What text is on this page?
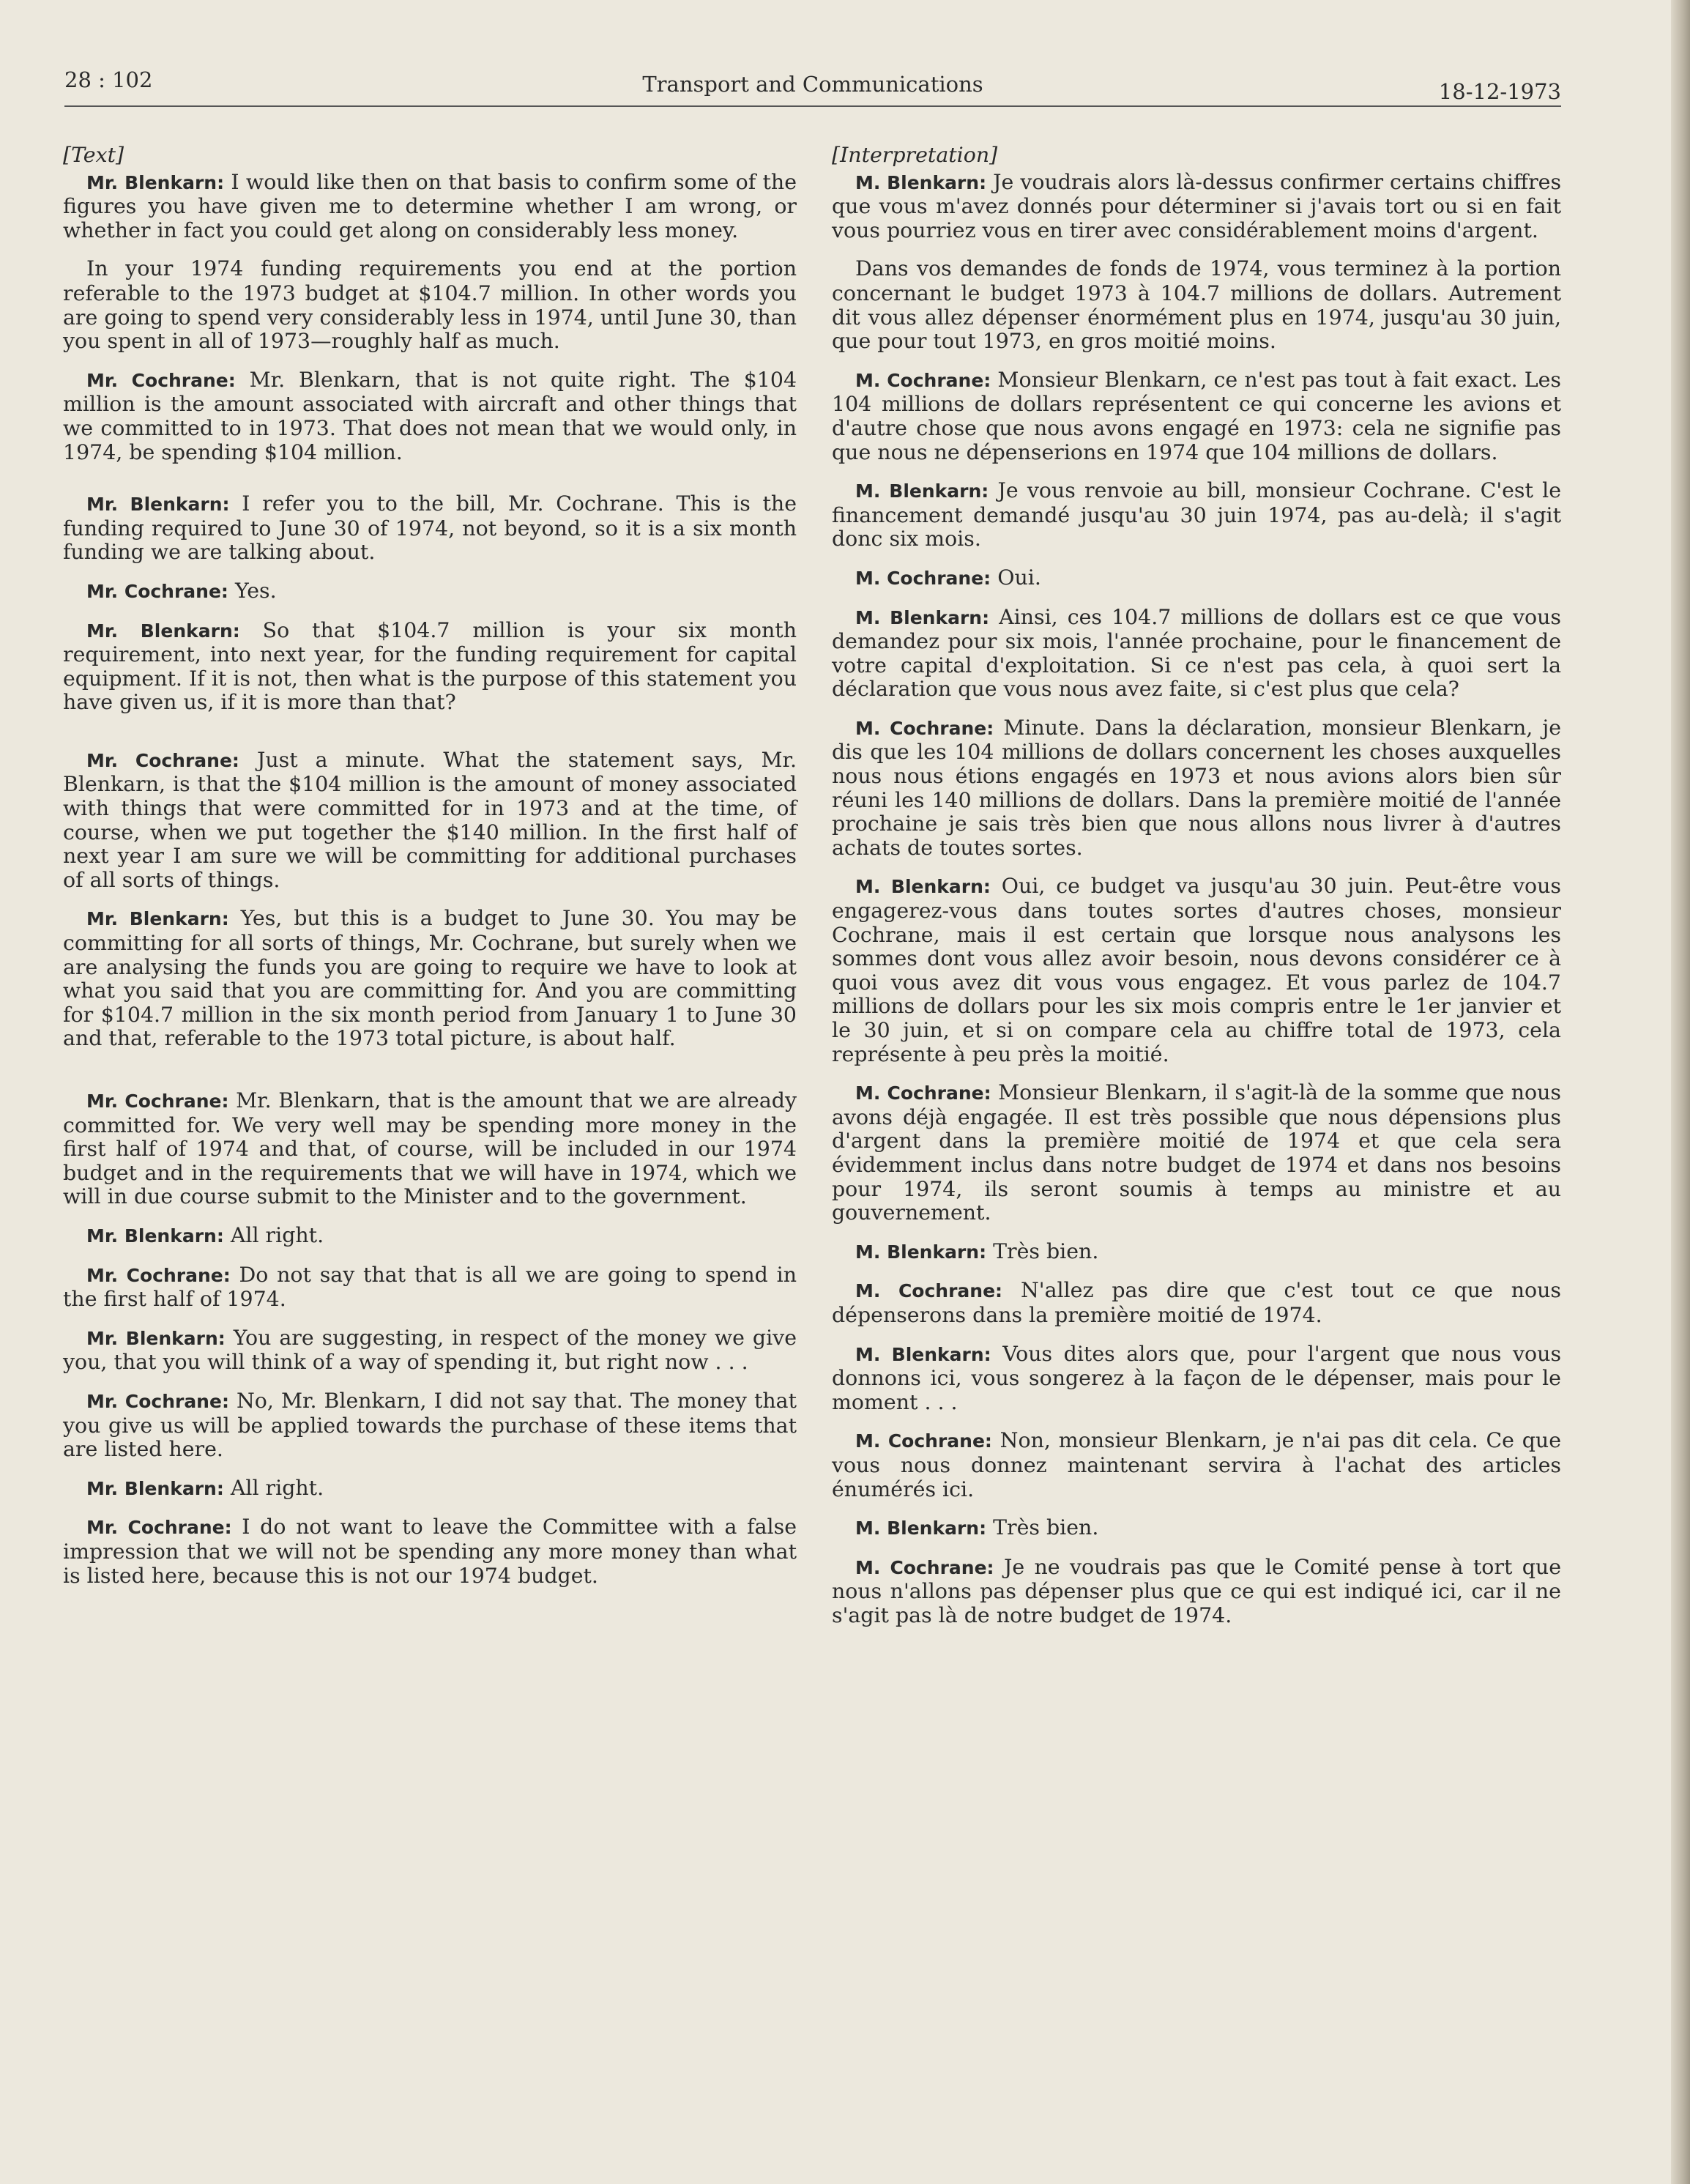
28 : 102	Transport and Communications	18-12-1973
[Text]

Mr. Blenkarn: I would like then on that basis to confirm some of the figures you have given me to determine whether I am wrong, or whether in fact you could get along on considerably less money.

In your 1974 funding requirements you end at the portion referable to the 1973 budget at $104.7 million. In other words you are going to spend very considerably less in 1974, until June 30, than you spent in all of 1973—roughly half as much.

Mr. Cochrane: Mr. Blenkarn, that is not quite right. The $104 million is the amount associated with aircraft and other things that we committed to in 1973. That does not mean that we would only, in 1974, be spending $104 million.

Mr. Blenkarn: I refer you to the bill, Mr. Cochrane. This is the funding required to June 30 of 1974, not beyond, so it is a six month funding we are talking about.

Mr. Cochrane: Yes.

Mr. Blenkarn: So that $104.7 million is your six month requirement, into next year, for the funding requirement for capital equipment. If it is not, then what is the purpose of this statement you have given us, if it is more than that?

Mr. Cochrane: Just a minute. What the statement says, Mr. Blenkarn, is that the $104 million is the amount of money associated with things that were committed for in 1973 and at the time, of course, when we put together the $140 million. In the first half of next year I am sure we will be committing for additional purchases of all sorts of things.

Mr. Blenkarn: Yes, but this is a budget to June 30. You may be committing for all sorts of things, Mr. Cochrane, but surely when we are analysing the funds you are going to require we have to look at what you said that you are committing for. And you are committing for $104.7 million in the six month period from January 1 to June 30 and that, referable to the 1973 total picture, is about half.

Mr. Cochrane: Mr. Blenkarn, that is the amount that we are already committed for. We very well may be spending more money in the first half of 1974 and that, of course, will be included in our 1974 budget and in the requirements that we will have in 1974, which we will in due course submit to the Minister and to the government.

Mr. Blenkarn: All right.

Mr. Cochrane: Do not say that that is all we are going to spend in the first half of 1974.

Mr. Blenkarn: You are suggesting, in respect of the money we give you, that you will think of a way of spending it, but right now . . .

Mr. Cochrane: No, Mr. Blenkarn, I did not say that. The money that you give us will be applied towards the purchase of these items that are listed here.

Mr. Blenkarn: All right.

Mr. Cochrane: I do not want to leave the Committee with a false impression that we will not be spending any more money than what is listed here, because this is not our 1974 budget.

[Interpretation]

M. Blenkarn: Je voudrais alors là-dessus confirmer certains chiffres que vous m'avez donnés pour déterminer si j'avais tort ou si en fait vous pourriez vous en tirer avec considérablement moins d'argent.

Dans vos demandes de fonds de 1974, vous terminez à la portion concernant le budget 1973 à 104.7 millions de dollars. Autrement dit vous allez dépenser énormément plus en 1974, jusqu'au 30 juin, que pour tout 1973, en gros moitié moins.

M. Cochrane: Monsieur Blenkarn, ce n'est pas tout à fait exact. Les 104 millions de dollars représentent ce qui concerne les avions et d'autre chose que nous avons engagé en 1973: cela ne signifie pas que nous ne dépenserions en 1974 que 104 millions de dollars.

M. Blenkarn: Je vous renvoie au bill, monsieur Cochrane. C'est le financement demandé jusqu'au 30 juin 1974, pas au-delà; il s'agit donc six mois.

M. Cochrane: Oui.

M. Blenkarn: Ainsi, ces 104.7 millions de dollars est ce que vous demandez pour six mois, l'année prochaine, pour le financement de votre capital d'exploitation. Si ce n'est pas cela, à quoi sert la déclaration que vous nous avez faite, si c'est plus que cela?

M. Cochrane: Minute. Dans la déclaration, monsieur Blenkarn, je dis que les 104 millions de dollars concernent les choses auxquelles nous nous étions engagés en 1973 et nous avions alors bien sûr réuni les 140 millions de dollars. Dans la première moitié de l'année prochaine je sais très bien que nous allons nous livrer à d'autres achats de toutes sortes.

M. Blenkarn: Oui, ce budget va jusqu'au 30 juin. Peut-être vous engagerez-vous dans toutes sortes d'autres choses, monsieur Cochrane, mais il est certain que lorsque nous analysons les sommes dont vous allez avoir besoin, nous devons considérer ce à quoi vous avez dit vous vous engagez. Et vous parlez de 104.7 millions de dollars pour les six mois compris entre le 1er janvier et le 30 juin, et si on compare cela au chiffre total de 1973, cela représente à peu près la moitié.

M. Cochrane: Monsieur Blenkarn, il s'agit-là de la somme que nous avons déjà engagée. Il est très possible que nous dépensions plus d'argent dans la première moitié de 1974 et que cela sera évidemment inclus dans notre budget de 1974 et dans nos besoins pour 1974, ils seront soumis à temps au ministre et au gouvernement.

M. Blenkarn: Très bien.

M. Cochrane: N'allez pas dire que c'est tout ce que nous dépenserons dans la première moitié de 1974.

M. Blenkarn: Vous dites alors que, pour l'argent que nous vous donnons ici, vous songerez à la façon de le dépenser, mais pour le moment . . .

M. Cochrane: Non, monsieur Blenkarn, je n'ai pas dit cela. Ce que vous nous donnez maintenant servira à l'achat des articles énumérés ici.

M. Blenkarn: Très bien.

M. Cochrane: Je ne voudrais pas que le Comité pense à tort que nous n'allons pas dépenser plus que ce qui est indiqué ici, car il ne s'agit pas là de notre budget de 1974.
